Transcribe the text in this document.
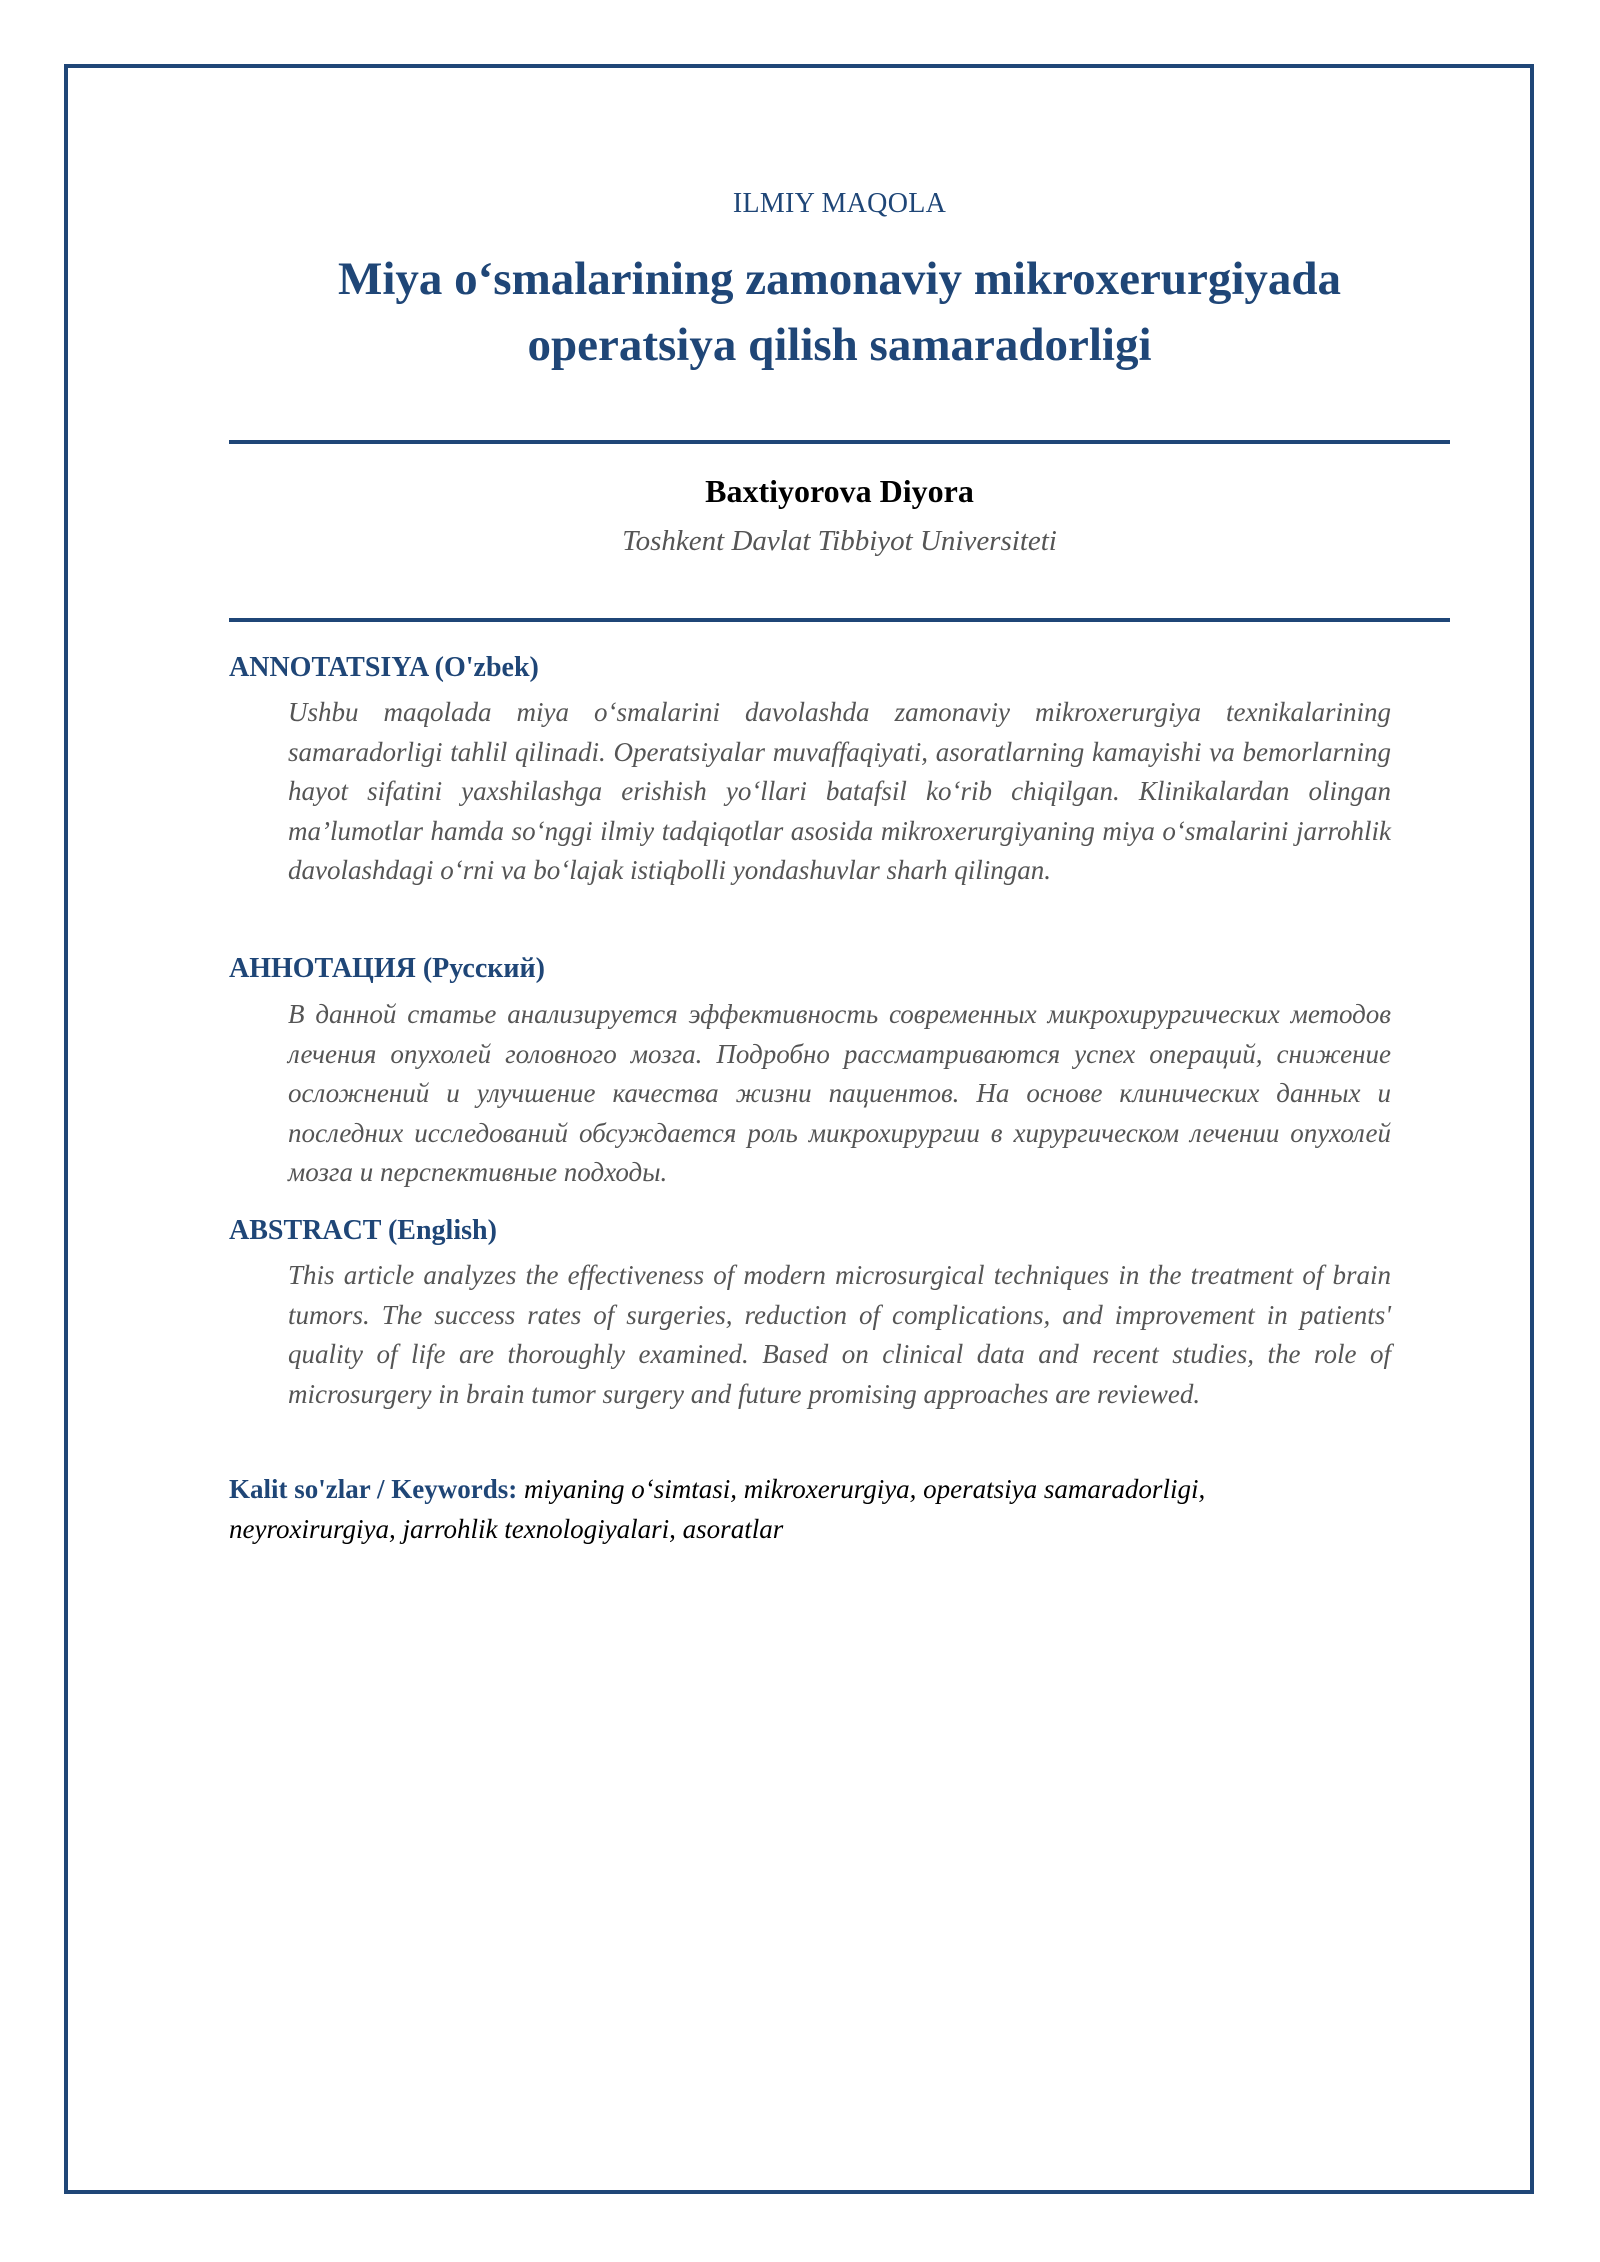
ILMIY MAQOLA
Miya o‘smalarining zamonaviy mikroxerurgiyada operatsiya qilish samaradorligi
Baxtiyorova Diyora
Toshkent Davlat Tibbiyot Universiteti
ANNOTATSIYA (O'zbek)
Ushbu maqolada miya o‘smalarini davolashda zamonaviy mikroxerurgiya texnikalarining samaradorligi tahlil qilinadi. Operatsiyalar muvaffaqiyati, asoratlarning kamayishi va bemorlarning hayot sifatini yaxshilashga erishish yo‘llari batafsil ko‘rib chiqilgan. Klinikalardan olingan ma’lumotlar hamda so‘nggi ilmiy tadqiqotlar asosida mikroxerurgiyaning miya o‘smalarini jarrohlik davolashdagi o‘rni va bo‘lajak istiqbolli yondashuvlar sharh qilingan.
АННОТАЦИЯ (Русский)
В данной статье анализируется эффективность современных микрохирургических методов лечения опухолей головного мозга. Подробно рассматриваются успех операций, снижение осложнений и улучшение качества жизни пациентов. На основе клинических данных и последних исследований обсуждается роль микрохирургии в хирургическом лечении опухолей мозга и перспективные подходы.
ABSTRACT (English)
This article analyzes the effectiveness of modern microsurgical techniques in the treatment of brain tumors. The success rates of surgeries, reduction of complications, and improvement in patients' quality of life are thoroughly examined. Based on clinical data and recent studies, the role of microsurgery in brain tumor surgery and future promising approaches are reviewed.
Kalit so'zlar / Keywords: miyaning o‘simtasi, mikroxerurgiya, operatsiya samaradorligi, neyroxirurgiya, jarrohlik texnologiyalari, asoratlar
